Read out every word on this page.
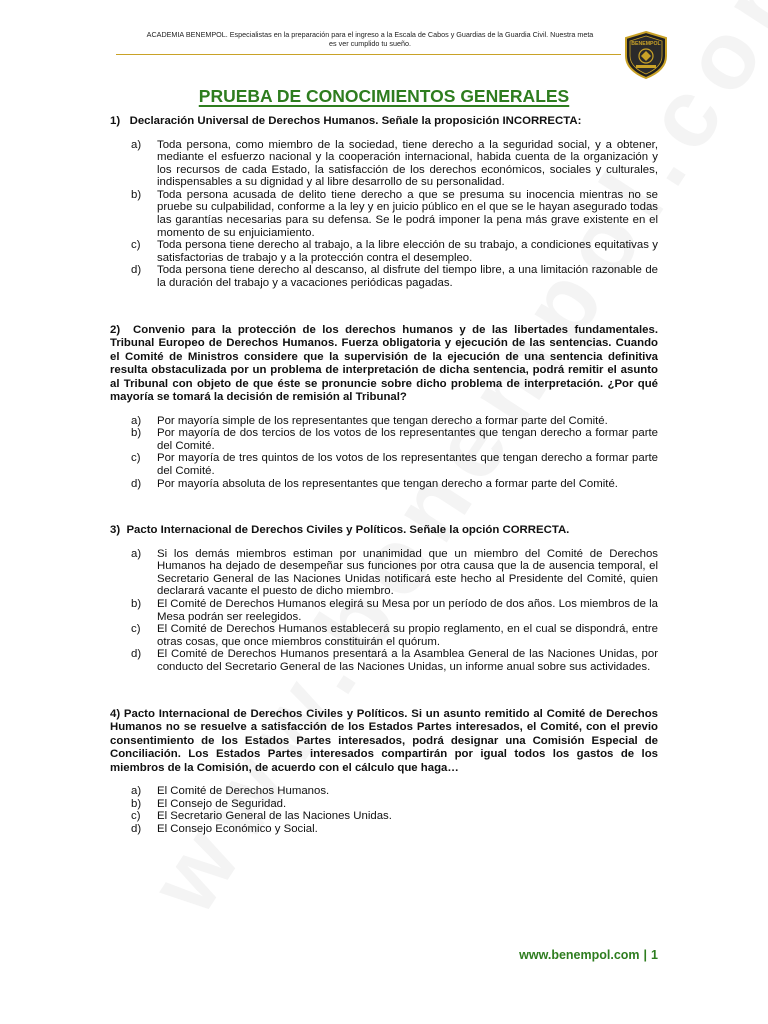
ACADEMIA BENEMPOL. Especialistas en la preparación para el ingreso a la Escala de Cabos y Guardias de la Guardia Civil. Nuestra meta
es ver cumplido tu sueño.	BENEMPOL
PRUEBA DE CONOCIMIENTOS GENERALES

1)   Declaración Universal de Derechos Humanos. Señale la proposición INCORRECTA:

a)	Toda persona, como miembro de la sociedad, tiene derecho a la seguridad social, y a obtener, mediante el esfuerzo nacional y la cooperación internacional, habida cuenta de la organización y los recursos de cada Estado, la satisfacción de los derechos económicos, sociales y culturales, indispensables a su dignidad y al libre desarrollo de su personalidad.
b)	Toda persona acusada de delito tiene derecho a que se presuma su inocencia mientras no se pruebe su culpabilidad, conforme a la ley y en juicio público en el que se le hayan asegurado todas las garantías necesarias para su defensa. Se le podrá imponer la pena más grave existente en el momento de su enjuiciamiento.
c)	Toda persona tiene derecho al trabajo, a la libre elección de su trabajo, a condiciones equitativas y satisfactorias de trabajo y a la protección contra el desempleo.
d)	Toda persona tiene derecho al descanso, al disfrute del tiempo libre, a una limitación razonable de la duración del trabajo y a vacaciones periódicas pagadas.

2)  Convenio para la protección de los derechos humanos y de las libertades fundamentales. Tribunal Europeo de Derechos Humanos. Fuerza obligatoria y ejecución de las sentencias. Cuando el Comité de Ministros considere que la supervisión de la ejecución de una sentencia definitiva resulta obstaculizada por un problema de interpretación de dicha sentencia, podrá remitir el asunto al Tribunal con objeto de que éste se pronuncie sobre dicho problema de interpretación. ¿Por qué mayoría se tomará la decisión de remisión al Tribunal?

a)	Por mayoría simple de los representantes que tengan derecho a formar parte del Comité.
b)	Por mayoría de dos tercios de los votos de los representantes que tengan derecho a formar parte del Comité.
c)	Por mayoría de tres quintos de los votos de los representantes que tengan derecho a formar parte del Comité.
d)	Por mayoría absoluta de los representantes que tengan derecho a formar parte del Comité.

3)  Pacto Internacional de Derechos Civiles y Políticos. Señale la opción CORRECTA.

a)	Si los demás miembros estiman por unanimidad que un miembro del Comité de Derechos Humanos ha dejado de desempeñar sus funciones por otra causa que la de ausencia temporal, el Secretario General de las Naciones Unidas notificará este hecho al Presidente del Comité, quien declarará vacante el puesto de dicho miembro.
b)	El Comité de Derechos Humanos elegirá su Mesa por un período de dos años. Los miembros de la Mesa podrán ser reelegidos.
c)	El Comité de Derechos Humanos establecerá su propio reglamento, en el cual se dispondrá, entre otras cosas, que once miembros constituirán el quórum.
d)	El Comité de Derechos Humanos presentará a la Asamblea General de las Naciones Unidas, por conducto del Secretario General de las Naciones Unidas, un informe anual sobre sus actividades.

4) Pacto Internacional de Derechos Civiles y Políticos. Si un asunto remitido al Comité de Derechos Humanos no se resuelve a satisfacción de los Estados Partes interesados, el Comité, con el previo consentimiento de los Estados Partes interesados, podrá designar una Comisión Especial de Conciliación. Los Estados Partes interesados compartirán por igual todos los gastos de los miembros de la Comisión, de acuerdo con el cálculo que haga…

a)	El Comité de Derechos Humanos.
b)	El Consejo de Seguridad.
c)	El Secretario General de las Naciones Unidas.
d)	El Consejo Económico y Social.
www.benempol.com | 1
